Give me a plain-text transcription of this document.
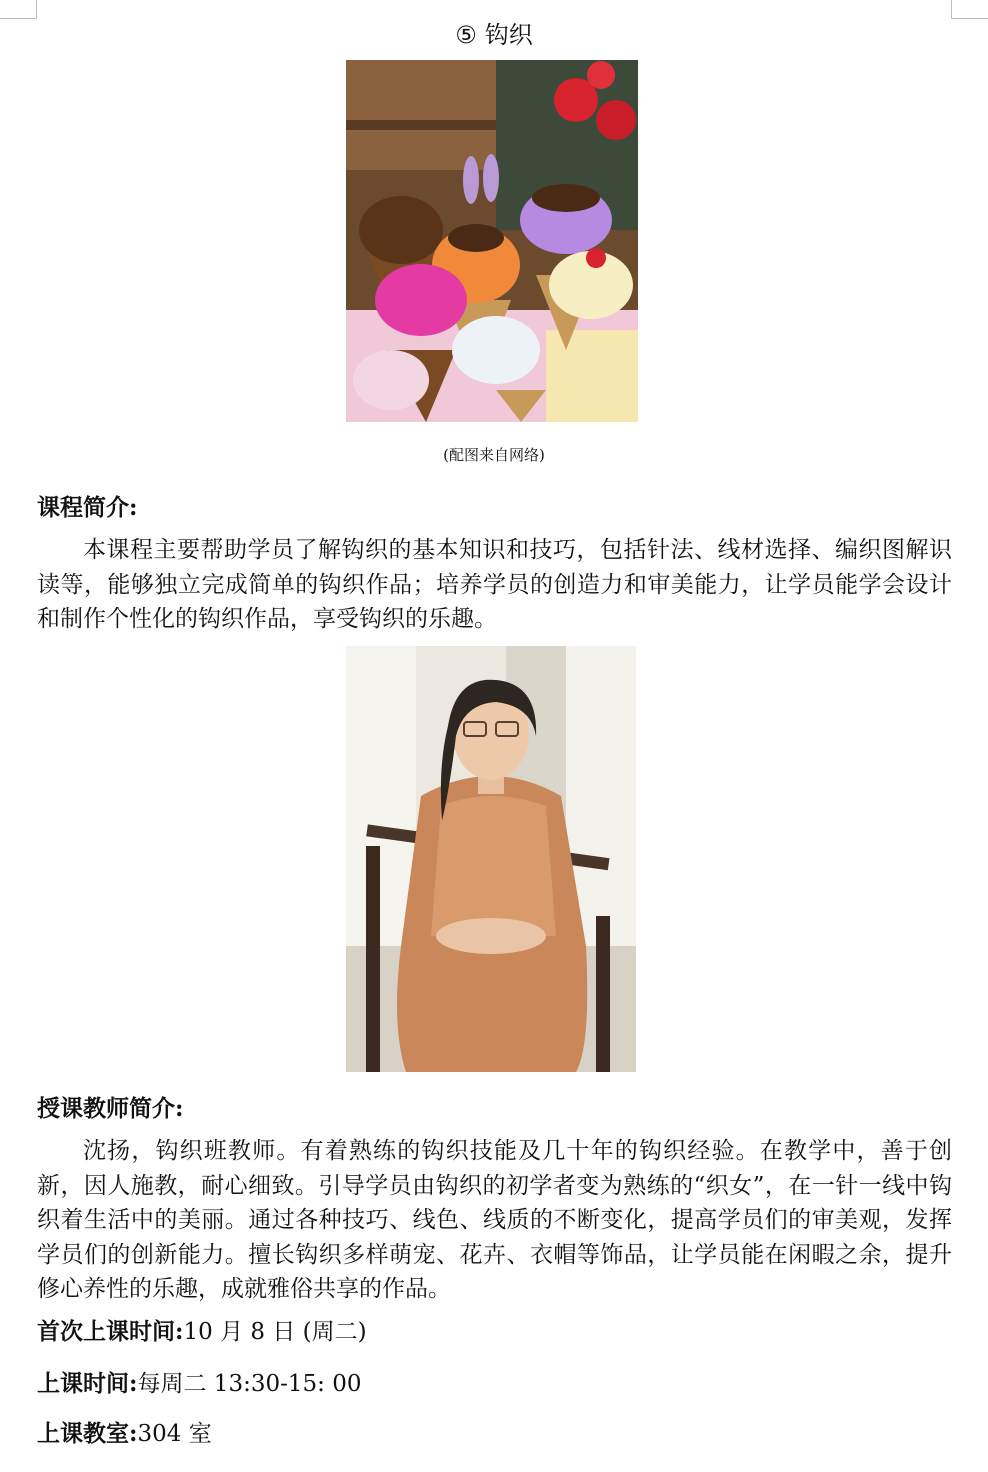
⑤ 钩织
(配图来自网络)
课程简介:
本课程主要帮助学员了解钩织的基本知识和技巧，包括针法、线材选择、编织图解识读等，能够独立完成简单的钩织作品；培养学员的创造力和审美能力，让学员能学会设计和制作个性化的钩织作品，享受钩织的乐趣。
授课教师简介:
沈扬，钩织班教师。有着熟练的钩织技能及几十年的钩织经验。在教学中，善于创新，因人施教，耐心细致。引导学员由钩织的初学者变为熟练的“织女”，在一针一线中钩织着生活中的美丽。通过各种技巧、线色、线质的不断变化，提高学员们的审美观，发挥学员们的创新能力。擅长钩织多样萌宠、花卉、衣帽等饰品，让学员能在闲暇之余，提升修心养性的乐趣，成就雅俗共享的作品。
首次上课时间:10 月 8 日 (周二)
上课时间:每周二 13:30-15: 00
上课教室:304 室
